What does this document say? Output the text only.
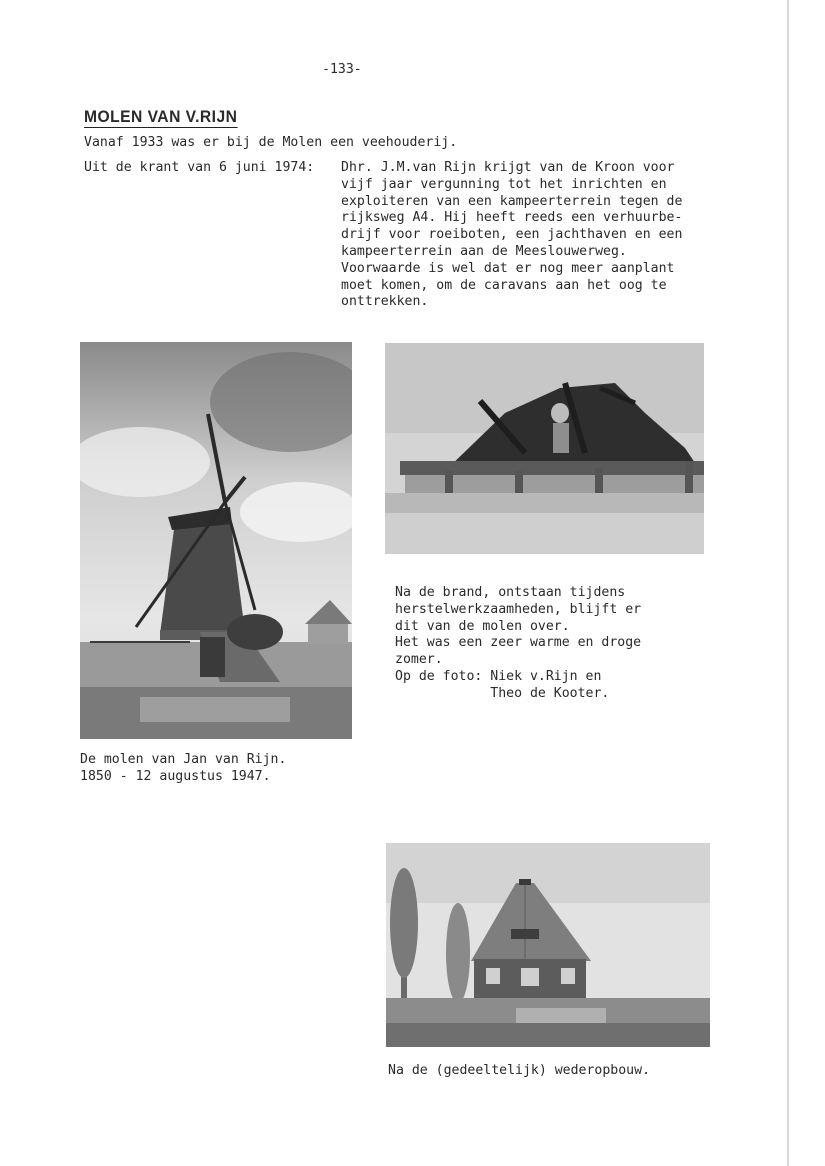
-133-
MOLEN VAN V.RIJN
Vanaf 1933 was er bij de Molen een veehouderij.
Uit de krant van 6 juni 1974: Dhr. J.M.van Rijn krijgt van de Kroon voor
vijf jaar vergunning tot het inrichten en
exploiteren van een kampeerterrein tegen de
rijksweg A4. Hij heeft reeds een verhuurbe-
drijf voor roeiboten, een jachthaven en een
kampeerterrein aan de Meeslouwerweg.
Voorwaarde is wel dat er nog meer aanplant
moet komen, om de caravans aan het oog te
onttrekken.
De molen van Jan van Rijn.
1850 - 12 augustus 1947.
Na de brand, ontstaan tijdens
herstelwerkzaamheden, blijft er
dit van de molen over.
Het was een zeer warme en droge
zomer.
Op de foto: Niek v.Rijn en
Theo de Kooter.
Na de (gedeeltelijk) wederopbouw.
